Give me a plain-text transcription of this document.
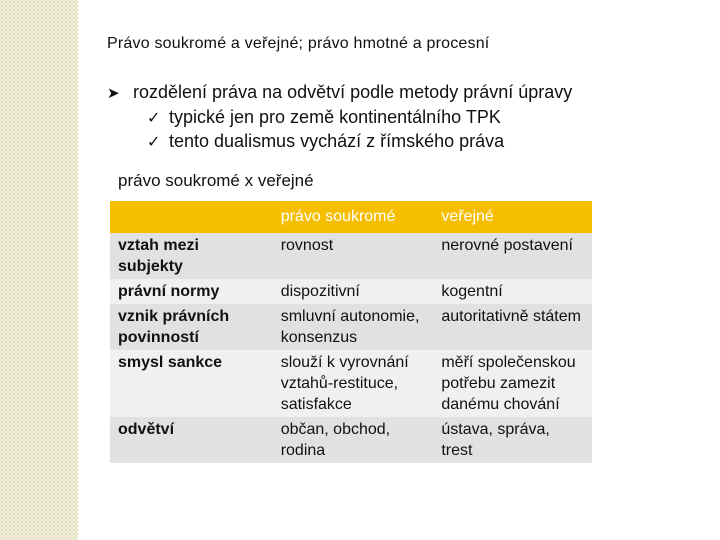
Právo soukromé a veřejné; právo hmotné a procesní
➤ rozdělení práva na odvětví podle metody právní úpravy
✓ typické jen pro země kontinentálního TPK
✓ tento dualismus vychází z římského práva
právo soukromé x veřejné
	právo soukromé	veřejné
vztah mezi subjekty	rovnost	nerovné postavení
právní normy	dispozitivní	kogentní
vznik právních povinností	smluvní autonomie, konsenzus	autoritativně státem
smysl sankce	slouží k vyrovnání vztahů-restituce, satisfakce	měří společenskou potřebu zamezit danému chování
odvětví	občan, obchod, rodina	ústava, správa, trest
